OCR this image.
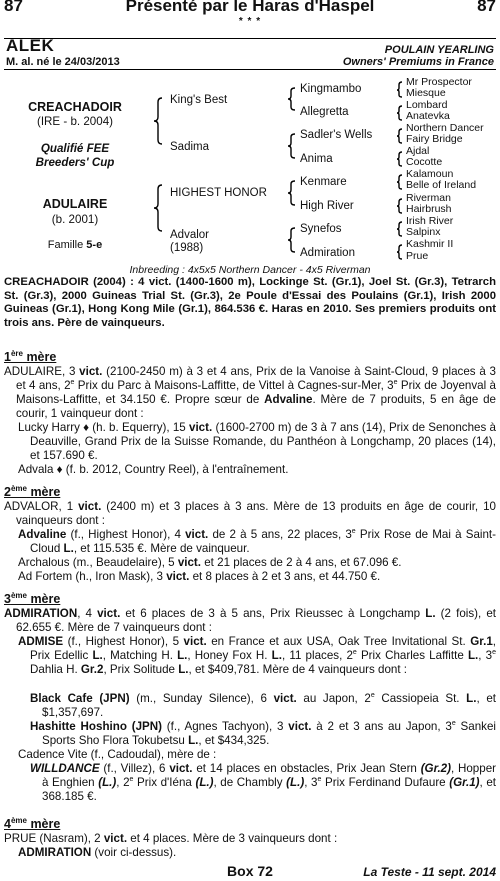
87	Présenté par le Haras d'Haspel	87
* * *
ALEK	POULAIN YEARLING
M. al. né le 24/03/2013	Owners' Premiums in France
CREACHADOIR
(IRE - b. 2004)
Qualifié FEE
Breeders' Cup
ADULAIRE
(b. 2001)
Famille 5-e
King's Best
Sadima
HIGHEST HONOR
Advalor
(1988)
Kingmambo
Allegretta
Sadler's Wells
Anima
Kenmare
High River
Synefos
Admiration
Mr Prospector
Miesque
Lombard
Anatevka
Northern Dancer
Fairy Bridge
Ajdal
Cocotte
Kalamoun
Belle of Ireland
Riverman
Hairbrush
Irish River
Salpinx
Kashmir II
Prue
Inbreeding : 4x5x5 Northern Dancer - 4x5 Riverman
CREACHADOIR (2004) : 4 vict. (1400-1600 m), Lockinge St. (Gr.1), Joel St. (Gr.3), Tetrarch St. (Gr.3), 2000 Guineas Trial St. (Gr.3), 2e Poule d'Essai des Poulains (Gr.1), Irish 2000 Guineas (Gr.1), Hong Kong Mile (Gr.1), 864.536 €. Haras en 2010. Ses premiers produits ont trois ans. Père de vainqueurs.
1ère mère
ADULAIRE, 3 vict. (2100-2450 m) à 3 et 4 ans, Prix de la Vanoise à Saint-Cloud, 9 places à 3 et 4 ans, 2e Prix du Parc à Maisons-Laffitte, de Vittel à Cagnes-sur-Mer, 3e Prix de Joyenval à Maisons-Laffitte, et 34.150 €. Propre sœur de Advaline. Mère de 7 produits, 5 en âge de courir, 1 vainqueur dont :
Lucky Harry ♦ (h. b. Equerry), 15 vict. (1600-2700 m) de 3 à 7 ans (14), Prix de Senonches à Deauville, Grand Prix de la Suisse Romande, du Panthéon à Longchamp, 20 places (14), et 157.690 €.
Advala ♦ (f. b. 2012, Country Reel), à l'entraînement.
2ème mère
ADVALOR, 1 vict. (2400 m) et 3 places à 3 ans. Mère de 13 produits en âge de courir, 10 vainqueurs dont :
Advaline (f., Highest Honor), 4 vict. de 2 à 5 ans, 22 places, 3e Prix Rose de Mai à Saint-Cloud L., et 115.535 €. Mère de vainqueur.
Archalous (m., Beaudelaire), 5 vict. et 21 places de 2 à 4 ans, et 67.096 €.
Ad Fortem (h., Iron Mask), 3 vict. et 8 places à 2 et 3 ans, et 44.750 €.
3ème mère
ADMIRATION, 4 vict. et 6 places de 3 à 5 ans, Prix Rieussec à Longchamp L. (2 fois), et 62.655 €. Mère de 7 vainqueurs dont :
ADMISE (f., Highest Honor), 5 vict. en France et aux USA, Oak Tree Invitational St. Gr.1, Prix Edellic L., Matching H. L., Honey Fox H. L., 11 places, 2e Prix Charles Laffitte L., 3e Dahlia H. Gr.2, Prix Solitude L., et $409,781. Mère de 4 vainqueurs dont :
Black Cafe (JPN) (m., Sunday Silence), 6 vict. au Japon, 2e Cassiopeia St. L., et $1,357,697.
Hashitte Hoshino (JPN) (f., Agnes Tachyon), 3 vict. à 2 et 3 ans au Japon, 3e Sankei Sports Sho Flora Tokubetsu L., et $434,325.
Cadence Vite (f., Cadoudal), mère de :
WILLDANCE (f., Villez), 6 vict. et 14 places en obstacles, Prix Jean Stern (Gr.2), Hopper à Enghien (L.), 2e Prix d'Iéna (L.), de Chambly (L.), 3e Prix Ferdinand Dufaure (Gr.1), et 368.185 €.
4ème mère
PRUE (Nasram), 2 vict. et 4 places. Mère de 3 vainqueurs dont :
ADMIRATION (voir ci-dessus).
Box 72	La Teste - 11 sept. 2014
